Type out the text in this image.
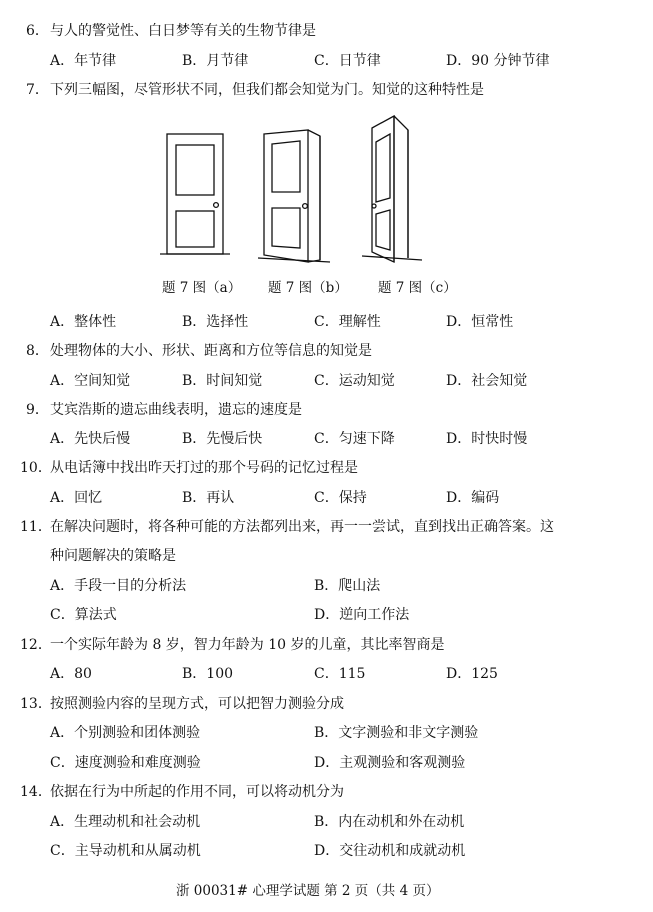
6． 与人的警觉性、白日梦等有关的生物节律是
A．年节律	B．月节律	C．日节律	D．90 分钟节律
7． 下列三幅图，尽管形状不同，但我们都会知觉为门。知觉的这种特性是
题 7 图（a） 题 7 图（b） 题 7 图（c）
A．整体性	B．选择性	C．理解性	D．恒常性
8． 处理物体的大小、形状、距离和方位等信息的知觉是
A．空间知觉	B．时间知觉	C．运动知觉	D．社会知觉
9． 艾宾浩斯的遗忘曲线表明，遗忘的速度是
A．先快后慢	B．先慢后快	C．匀速下降	D．时快时慢
10．
从电话簿中找出昨天打过的那个号码的记忆过程是
A．回忆	B．再认	C．保持	D．编码
11．
在解决问题时，将各种可能的方法都列出来，再一一尝试，直到找出正确答案。这
种问题解决的策略是
A．手段一目的分析法	B．爬山法
C．算法式	D．逆向工作法
12．
一个实际年龄为 8 岁，智力年龄为 10 岁的儿童，其比率智商是
A．80	B．100	C．115	D．125
13．
按照测验内容的呈现方式，可以把智力测验分成
A．个别测验和团体测验	B．文字测验和非文字测验
C．速度测验和难度测验	D．主观测验和客观测验
14．
依据在行为中所起的作用不同，可以将动机分为
A．生理动机和社会动机	B．内在动机和外在动机
C．主导动机和从属动机	D．交往动机和成就动机
浙 00031# 心理学试题 第 2 页（共 4 页）
